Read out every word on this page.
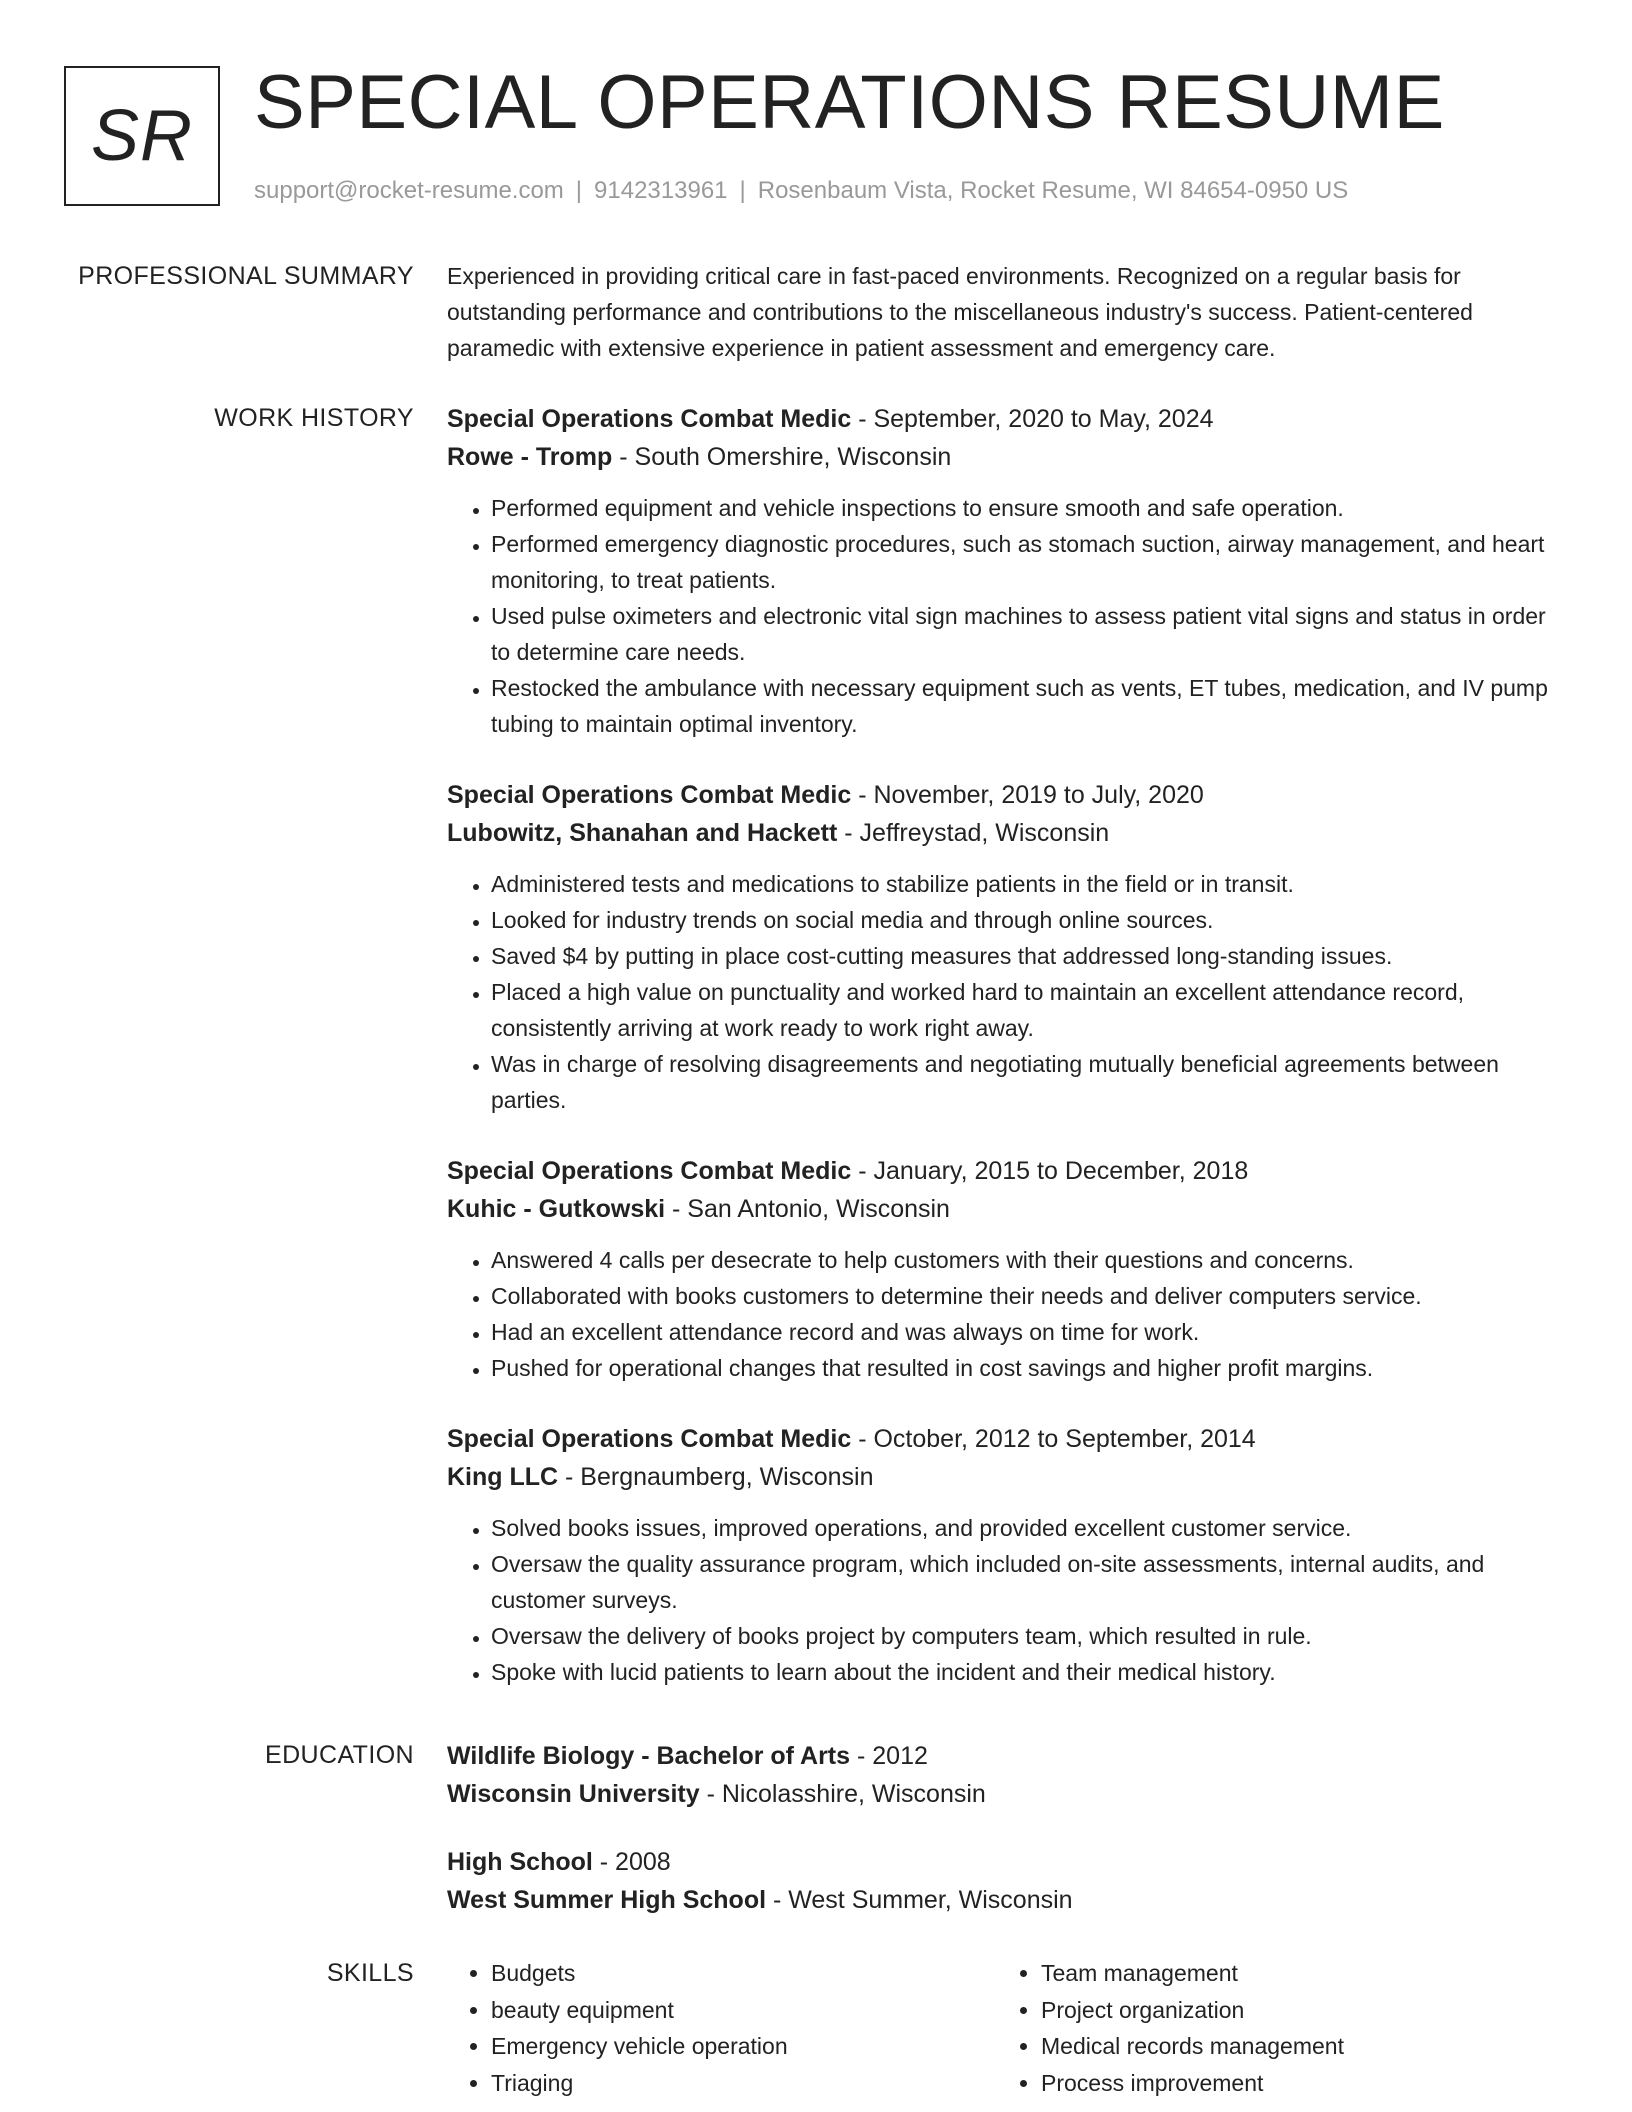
SR SPECIAL OPERATIONS RESUME
support@rocket-resume.com | 9142313961 | Rosenbaum Vista, Rocket Resume, WI 84654-0950 US
PROFESSIONAL SUMMARY Experienced in providing critical care in fast-paced environments. Recognized on a regular basis for outstanding performance and contributions to the miscellaneous industry's success. Patient-centered paramedic with extensive experience in patient assessment and emergency care.

WORK HISTORY Special Operations Combat Medic - September, 2020 to May, 2024
Rowe - Tromp - South Omershire, Wisconsin
• Performed equipment and vehicle inspections to ensure smooth and safe operation.
• Performed emergency diagnostic procedures, such as stomach suction, airway management, and heart monitoring, to treat patients.
• Used pulse oximeters and electronic vital sign machines to assess patient vital signs and status in order to determine care needs.
• Restocked the ambulance with necessary equipment such as vents, ET tubes, medication, and IV pump tubing to maintain optimal inventory.
Special Operations Combat Medic - November, 2019 to July, 2020
Lubowitz, Shanahan and Hackett - Jeffreystad, Wisconsin
• Administered tests and medications to stabilize patients in the field or in transit.
• Looked for industry trends on social media and through online sources.
• Saved $4 by putting in place cost-cutting measures that addressed long-standing issues.
• Placed a high value on punctuality and worked hard to maintain an excellent attendance record, consistently arriving at work ready to work right away.
• Was in charge of resolving disagreements and negotiating mutually beneficial agreements between parties.
Special Operations Combat Medic - January, 2015 to December, 2018
Kuhic - Gutkowski - San Antonio, Wisconsin
• Answered 4 calls per desecrate to help customers with their questions and concerns.
• Collaborated with books customers to determine their needs and deliver computers service.
• Had an excellent attendance record and was always on time for work.
• Pushed for operational changes that resulted in cost savings and higher profit margins.
Special Operations Combat Medic - October, 2012 to September, 2014
King LLC - Bergnaumberg, Wisconsin
• Solved books issues, improved operations, and provided excellent customer service.
• Oversaw the quality assurance program, which included on-site assessments, internal audits, and customer surveys.
• Oversaw the delivery of books project by computers team, which resulted in rule.
• Spoke with lucid patients to learn about the incident and their medical history.
EDUCATION Wildlife Biology - Bachelor of Arts - 2012
Wisconsin University - Nicolasshire, Wisconsin
High School - 2008
West Summer High School - West Summer, Wisconsin
SKILLS
•	Budgets
• beauty equipment
• Emergency vehicle operation
• Triaging
• Team management
• Project organization
• Medical records management
• Process improvement
